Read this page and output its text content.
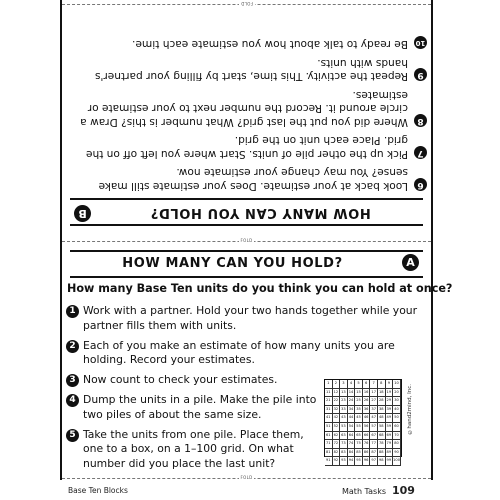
FOLD
HOW MANY CAN YOU HOLD?
B
6
Look back at your estimate. Does your estimate still make sense? You may change your estimate now.
7
Pick up the other pile of units. Start where you left off on the grid. Place each unit on the grid.
8
Where did you put the last grid? What number is this? Draw a circle around it. Record the number next to your estimate or estimates.
9
Repeat the activity. This time, start by filling your partner's hands with units.
10
Be ready to talk about how you estimate each time.
FOLD
HOW MANY CAN YOU HOLD?	A
How many Base Ten units do you think you can hold at once?
1 Work with a partner. Hold your two hands together while your partner fills them with units.
2 Each of you make an estimate of how many units you are holding. Record your estimates.
3 Now count to check your estimates.
4 Dump the units in a pile. Make the pile into two piles of about the same size.
5 Take the units from one pile. Place them, one to a box, on a 1–100 grid. On what number did you place the last unit?
1	2	3	4	5	6	7	8	9	10
11 12 13 14 15 16 17 18 19 20
21 22 23 24 25 26 27 28 29 30
31 32 33 34 35 36 37 38 39 40
41 42 43 44 45 46 47 48 49 50
51 52 53 54 55 56 57 58 59 60
61 62 63 64 65 66 67 68 69 70
71 72 73 74 75 76 77 78 79 80
81 82 83 84 85 86 87 88 89 90
91 92 93 94 95 96 97 98 99 100
©hand2mind, Inc.
FOLD
Base Ten Blocks	Math Tasks 109
